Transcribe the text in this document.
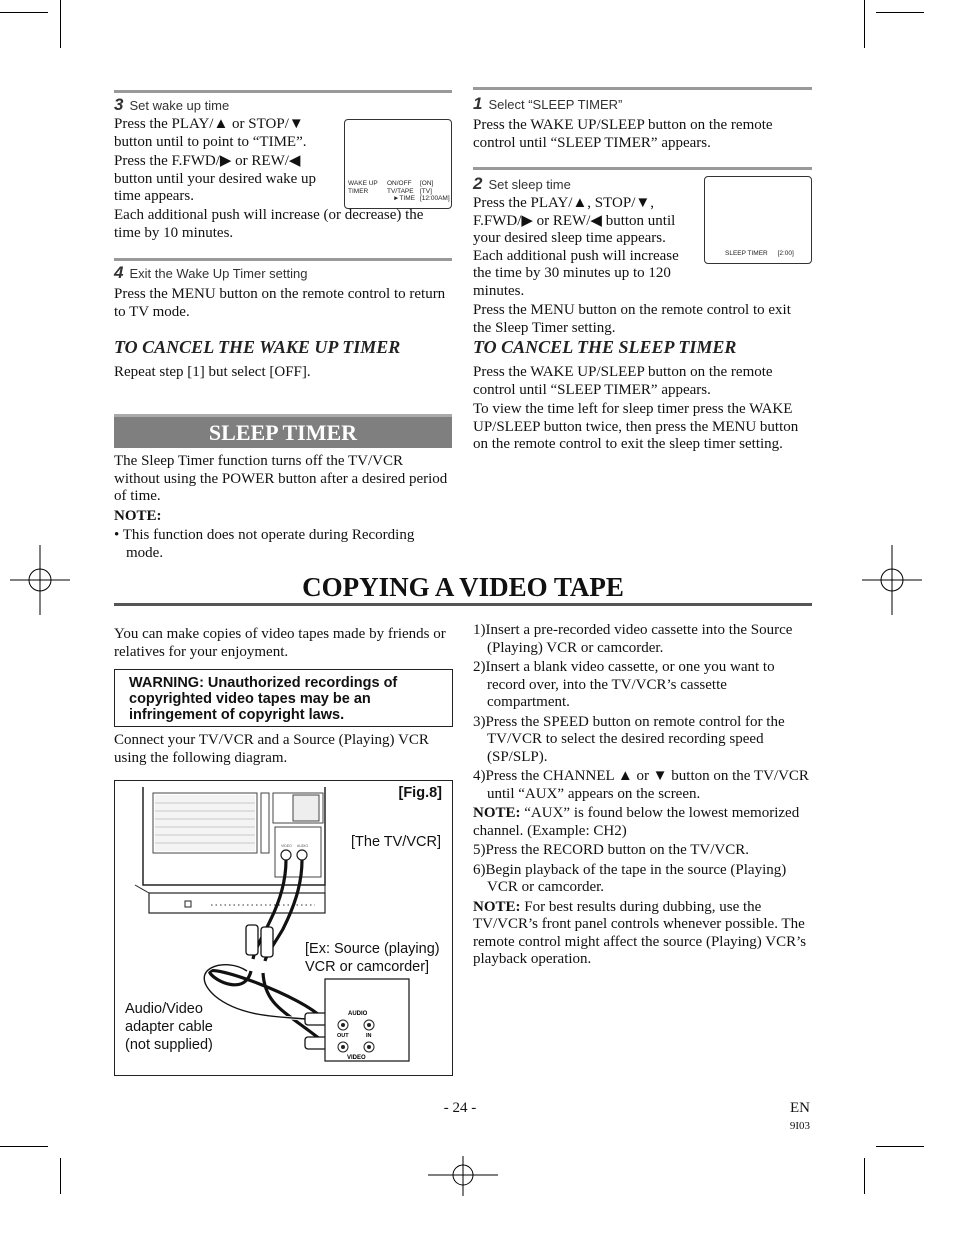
3 Set wake up time

Press the PLAY/▲ or STOP/▼ button until to point to “TIME”.

Press the F.FWD/▶ or REW/◀ button until your desired wake up time appears.

WAKE UP
TIMER
ON/OFF
TV/TAPE
►TIME
[ON]
[TV]
[12:00AM]

Each additional push will increase (or decrease) the time by 10 minutes.

4 Exit the Wake Up Timer setting

Press the MENU button on the remote control to return to TV mode.

TO CANCEL THE WAKE UP TIMER

Repeat step [1] but select [OFF].

SLEEP TIMER

The Sleep Timer function turns off the TV/VCR without using the POWER button after a desired period of time.

NOTE:

• This function does not operate during Recording mode.

1 Select “SLEEP TIMER”

Press the WAKE UP/SLEEP button on the remote control until “SLEEP TIMER” appears.

2 Set sleep time
SLEEP TIMER [2:00]

Press the PLAY/▲, STOP/▼, F.FWD/▶ or REW/◀ button until your desired sleep time appears. Each additional push will increase the time by 30 minutes up to 120 minutes.

Press the MENU button on the remote control to exit the Sleep Timer setting.

TO CANCEL THE SLEEP TIMER

Press the WAKE UP/SLEEP button on the remote control until “SLEEP TIMER” appears.

To view the time left for sleep timer press the WAKE UP/SLEEP button twice, then press the MENU button on the remote control to exit the sleep timer setting.

COPYING A VIDEO TAPE
You can make copies of video tapes made by friends or relatives for your enjoyment.
WARNING: Unauthorized recordings of copyrighted video tapes may be an infringement of copyright laws.
Connect your TV/VCR and a Source (Playing) VCR using the following diagram.
[Fig.8]
[The TV/VCR]
[Ex: Source (playing) VCR or camcorder]
Audio/Video adapter cable (not supplied)
VIDEO AUDIO
AUDIO
OUT	IN
VIDEO

1)Insert a pre-recorded video cassette into the Source (Playing) VCR or camcorder.

2)Insert a blank video cassette, or one you want to record over, into the TV/VCR’s cassette compartment.

3)Press the SPEED button on remote control for the TV/VCR to select the desired recording speed (SP/SLP).

4)Press the CHANNEL ▲ or ▼ button on the TV/VCR until “AUX” appears on the screen.

NOTE: “AUX” is found below the lowest memorized channel. (Example: CH2)

5)Press the RECORD button on the TV/VCR.

6)Begin playback of the tape in the source (Playing) VCR or camcorder.

NOTE: For best results during dubbing, use the TV/VCR’s front panel controls whenever possible. The remote control might affect the source (Playing) VCR’s playback operation.

- 24 -	EN
9I03
